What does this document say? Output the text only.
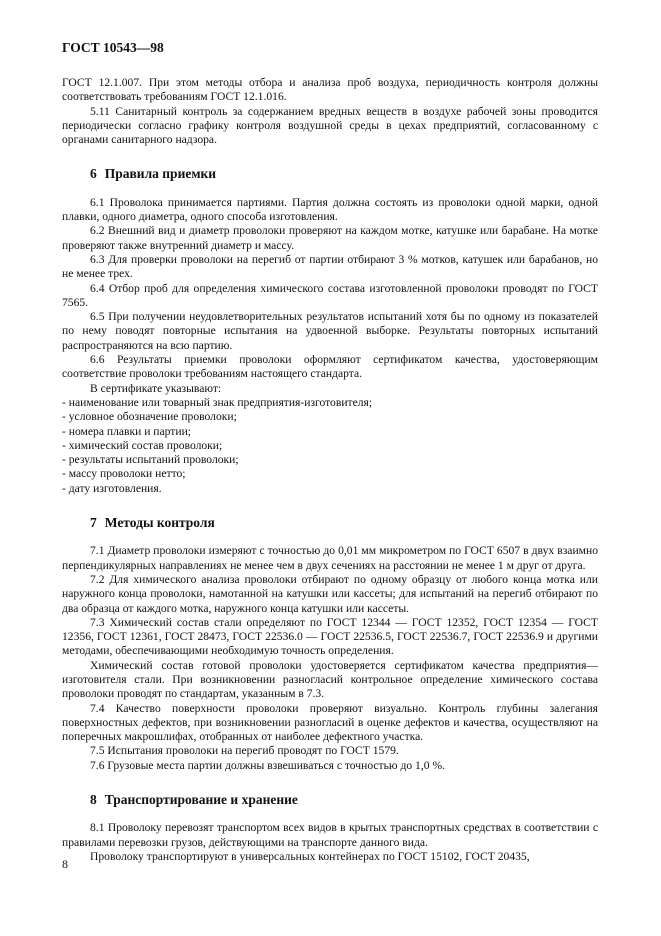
ГОСТ 10543—98

ГОСТ 12.1.007. При этом методы отбора и анализа проб воздуха, периодичность контроля должны соответствовать требованиям ГОСТ 12.1.016.

5.11 Санитарный контроль за содержанием вредных веществ в воздухе рабочей зоны проводится периодически согласно графику контроля воздушной среды в цехах предприятий, согласованному с органами санитарного надзора.

6 Правила приемки

6.1 Проволока принимается партиями. Партия должна состоять из проволоки одной марки, одной плавки, одного диаметра, одного способа изготовления.

6.2 Внешний вид и диаметр проволоки проверяют на каждом мотке, катушке или барабане. На мотке проверяют также внутренний диаметр и массу.

6.3 Для проверки проволоки на перегиб от партии отбирают 3 % мотков, катушек или барабанов, но не менее трех.

6.4 Отбор проб для определения химического состава изготовленной проволоки проводят по ГОСТ 7565.

6.5 При получении неудовлетворительных результатов испытаний хотя бы по одному из показателей по нему поводят повторные испытания на удвоенной выборке. Результаты повторных испытаний распространяются на всю партию.

6.6 Результаты приемки проволоки оформляют сертификатом качества, удостоверяющим соответствие проволоки требованиям настоящего стандарта.

В сертификате указывают:

- наименование или товарный знак предприятия-изготовителя;
- условное обозначение проволоки;
- номера плавки и партии;
- химический состав проволоки;
- результаты испытаний проволоки;
- массу проволоки нетто;
- дату изготовления.
7 Методы контроля

7.1 Диаметр проволоки измеряют с точностью до 0,01 мм микрометром по ГОСТ 6507 в двух взаимно перпендикулярных направлениях не менее чем в двух сечениях на расстоянии не менее 1 м друг от друга.

7.2 Для химического анализа проволоки отбирают по одному образцу от любого конца мотка или наружного конца проволоки, намотанной на катушки или кассеты; для испытаний на перегиб отбирают по два образца от каждого мотка, наружного конца катушки или кассеты.

7.3 Химический состав стали определяют по ГОСТ 12344 — ГОСТ 12352, ГОСТ 12354 — ГОСТ 12356, ГОСТ 12361, ГОСТ 28473, ГОСТ 22536.0 — ГОСТ 22536.5, ГОСТ 22536.7, ГОСТ 22536.9 и другими методами, обеспечивающими необходимую точность определения.

Химический состав готовой проволоки удостоверяется сертификатом качества предприятия—изготовителя стали. При возникновении разногласий контрольное определение химического состава проволоки проводят по стандартам, указанным в 7.3.

7.4 Качество поверхности проволоки проверяют визуально. Контроль глубины залегания поверхностных дефектов, при возникновении разногласий в оценке дефектов и качества, осуществляют на поперечных макрошлифах, отобранных от наиболее дефектного участка.

7.5 Испытания проволоки на перегиб проводят по ГОСТ 1579.

7.6 Грузовые места партии должны взвешиваться с точностью до 1,0 %.

8 Транспортирование и хранение

8.1 Проволоку перевозят транспортом всех видов в крытых транспортных средствах в соответствии с правилами перевозки грузов, действующими на транспорте данного вида.

Проволоку транспортируют в универсальных контейнерах по ГОСТ 15102, ГОСТ 20435,

8
